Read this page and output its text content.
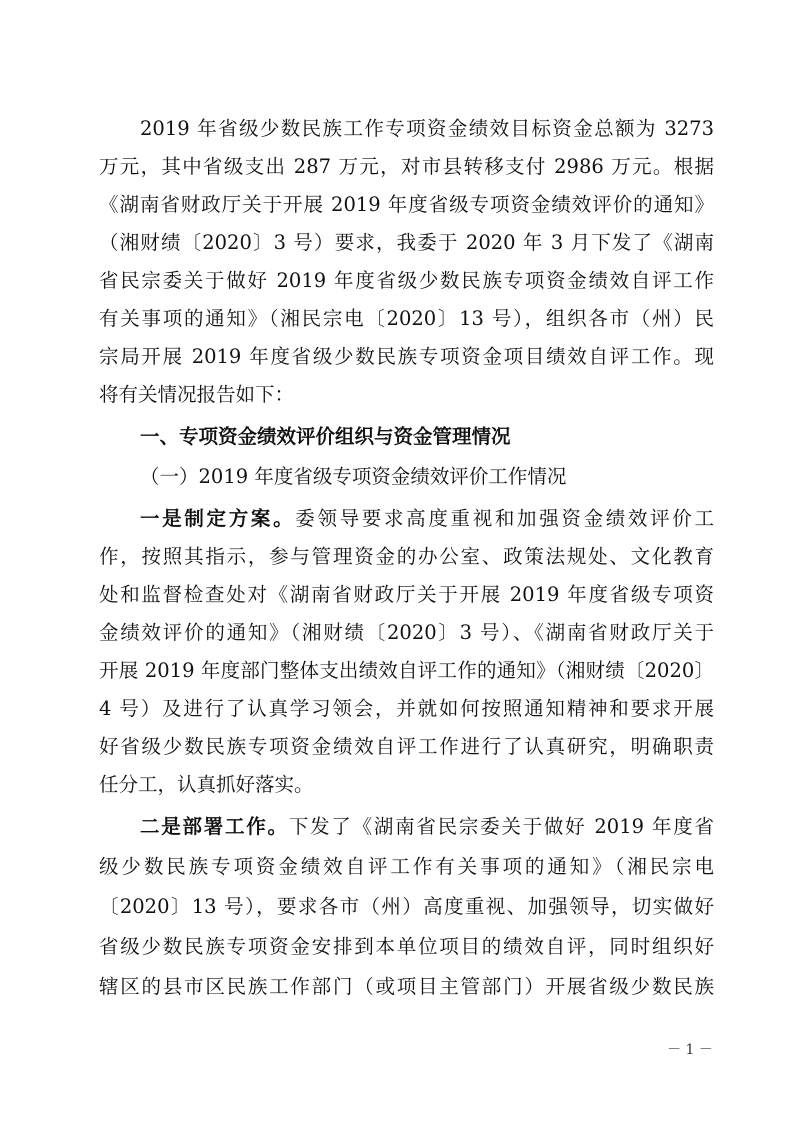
2019 年省级少数民族工作专项资金绩效目标资金总额为 3273
万元，其中省级支出 287 万元，对市县转移支付 2986 万元。根据
《湖南省财政厅关于开展 2019 年度省级专项资金绩效评价的通知》
（湘财绩〔2020〕3 号）要求，我委于 2020 年 3 月下发了《湖南
省民宗委关于做好 2019 年度省级少数民族专项资金绩效自评工作
有关事项的通知》（湘民宗电〔2020〕13 号），组织各市（州）民
宗局开展 2019 年度省级少数民族专项资金项目绩效自评工作。现
将有关情况报告如下：
一、专项资金绩效评价组织与资金管理情况
（一）2019 年度省级专项资金绩效评价工作情况
一是制定方案。委领导要求高度重视和加强资金绩效评价工
作，按照其指示，参与管理资金的办公室、政策法规处、文化教育
处和监督检查处对《湖南省财政厅关于开展 2019 年度省级专项资
金绩效评价的通知》（湘财绩〔2020〕3 号）、《湖南省财政厅关于
开展 2019 年度部门整体支出绩效自评工作的通知》（湘财绩〔2020〕
4 号）及进行了认真学习领会，并就如何按照通知精神和要求开展
好省级少数民族专项资金绩效自评工作进行了认真研究，明确职责
任分工，认真抓好落实。
二是部署工作。下发了《湖南省民宗委关于做好 2019 年度省
级少数民族专项资金绩效自评工作有关事项的通知》（湘民宗电
〔2020〕13 号），要求各市（州）高度重视、加强领导，切实做好
省级少数民族专项资金安排到本单位项目的绩效自评，同时组织好
辖区的县市区民族工作部门（或项目主管部门）开展省级少数民族
－ 1 －
